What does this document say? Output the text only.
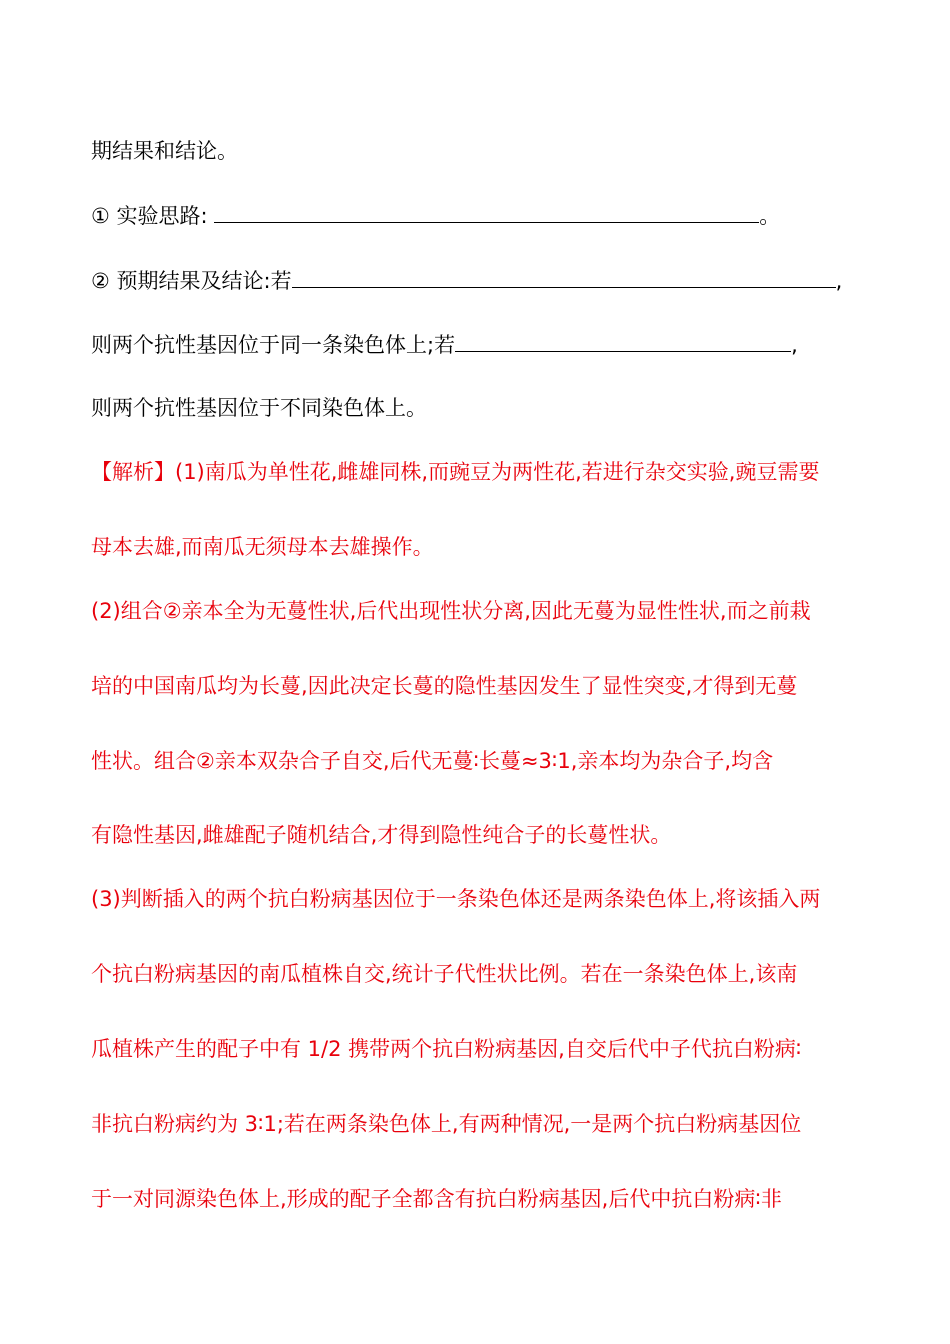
期结果和结论。
① 实验思路:	。
② 预期结果及结论:若	,
则两个抗性基因位于同一条染色体上;若	,
则两个抗性基因位于不同染色体上。
【解析】(1)南瓜为单性花,雌雄同株,而豌豆为两性花,若进行杂交实验,豌豆需要
母本去雄,而南瓜无须母本去雄操作。
(2)组合②亲本全为无蔓性状,后代出现性状分离,因此无蔓为显性性状,而之前栽
培的中国南瓜均为长蔓,因此决定长蔓的隐性基因发生了显性突变,才得到无蔓
性状。组合②亲本双杂合子自交,后代无蔓∶长蔓≈3∶1,亲本均为杂合子,均含
有隐性基因,雌雄配子随机结合,才得到隐性纯合子的长蔓性状。
(3)判断插入的两个抗白粉病基因位于一条染色体还是两条染色体上,将该插入两
个抗白粉病基因的南瓜植株自交,统计子代性状比例。若在一条染色体上,该南
瓜植株产生的配子中有 1/2 携带两个抗白粉病基因,自交后代中子代抗白粉病∶
非抗白粉病约为 3∶1;若在两条染色体上,有两种情况,一是两个抗白粉病基因位
于一对同源染色体上,形成的配子全都含有抗白粉病基因,后代中抗白粉病∶非
